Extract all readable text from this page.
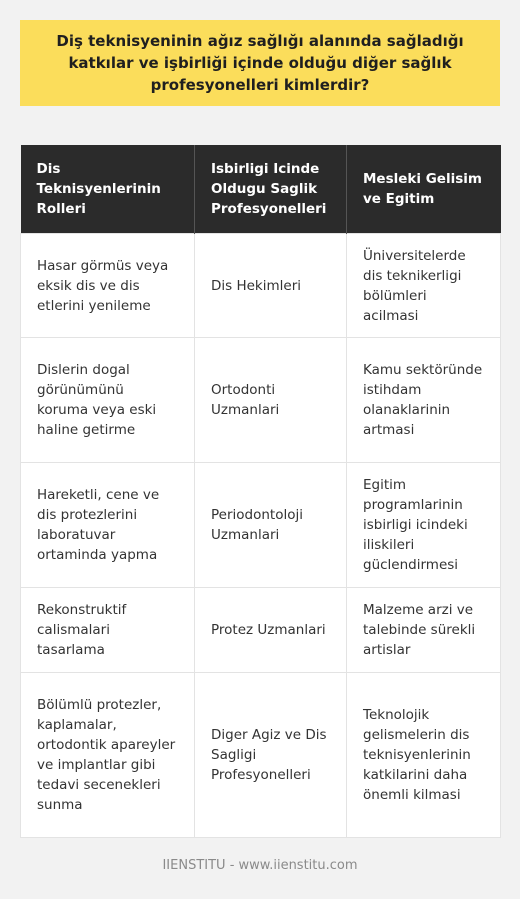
Diş teknisyeninin ağız sağlığı alanında sağladığı katkılar ve işbirliği içinde olduğu diğer sağlık profesyonelleri kimlerdir?
Dis Teknisyenlerinin Rolleri	Isbirligi Icinde Oldugu Saglik Profesyonelleri	Mesleki Gelisim ve Egitim
Hasar görmüs veya eksik dis ve dis etlerini yenileme	Dis Hekimleri	Üniversitelerde dis teknikerligi bölümleri acilmasi
Dislerin dogal görünümünü koruma veya eski haline getirme	Ortodonti Uzmanlari	Kamu sektöründe istihdam olanaklarinin artmasi
Hareketli, cene ve dis protezlerini laboratuvar ortaminda yapma	Periodontoloji Uzmanlari	Egitim programlarinin isbirligi icindeki iliskileri güclendirmesi
Rekonstruktif calismalari tasarlama	Protez Uzmanlari	Malzeme arzi ve talebinde sürekli artislar
Bölümlü protezler, kaplamalar, ortodontik apareyler ve implantlar gibi tedavi secenekleri sunma	Diger Agiz ve Dis Sagligi Profesyonelleri	Teknolojik gelismelerin dis teknisyenlerinin katkilarini daha önemli kilmasi
IIENSTITU - www.iienstitu.com
